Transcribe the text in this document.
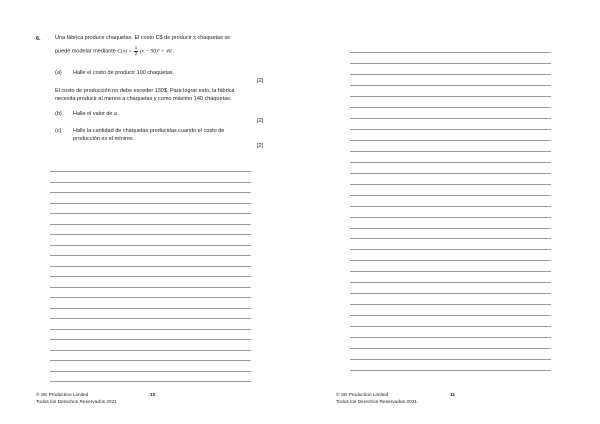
6.	Una fábrica produce chaquetas. El costo C$ de producir x chaquetas se
puede modelar mediante $C(x) = \frac{1}{2} (x - 90)^2 + 40$ .
(a) Halle el costo de producir 100 chaquetas.
[2]
El costo de producción no debe exceder 130$. Para lograr esto, la fábrica
necesita producir al menos a chaquetas y como máximo 140 chaquetas.
(b) Halle el valor de a .
[2]
(c) Halle la cantidad de chaquetas producidas cuando el costo de
producción es el mínimo.
[2]
© SE Production Limited
Todos los Derechos Reservados 2021
10	© SE Production Limited
Todos los Derechos Reservados 2021
11
